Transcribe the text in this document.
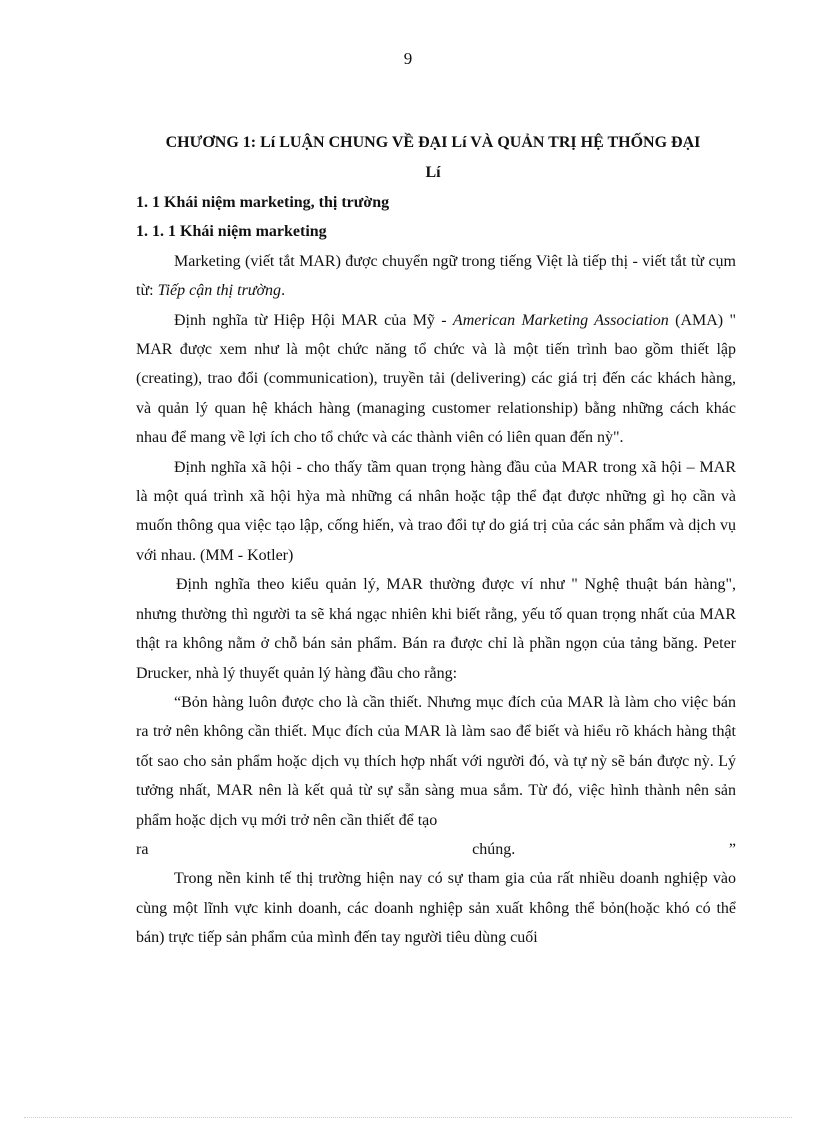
9
CHƯƠNG 1: Lí LUẬN CHUNG VỀ ĐẠI Lí VÀ QUẢN TRỊ HỆ THỐNG ĐẠI
Lí

1. 1 Khái niệm marketing, thị trường

1. 1. 1 Khái niệm marketing

Marketing (viết tắt MAR) được chuyển ngữ trong tiếng Việt là tiếp thị - viết tắt từ cụm từ: Tiếp cận thị trường.

Định nghĩa từ Hiệp Hội MAR của Mỹ - American Marketing Association (AMA) " MAR được xem như là một chức năng tổ chức và là một tiến trình bao gồm thiết lập (creating), trao đổi (communication), truyền tải (delivering) các giá trị đến các khách hàng, và quản lý quan hệ khách hàng (managing customer relationship) bằng những cách khác nhau để mang về lợi ích cho tổ chức và các thành viên có liên quan đến nỳ".

Định nghĩa xã hội - cho thấy tầm quan trọng hàng đầu của MAR trong xã hội – MAR là một quá trình xã hội hỳa mà những cá nhân hoặc tập thể đạt được những gì họ cần và muốn thông qua việc tạo lập, cống hiến, và trao đổi tự do giá trị của các sản phẩm và dịch vụ với nhau. (MM - Kotler)

Định nghĩa theo kiểu quản lý, MAR thường được ví như " Nghệ thuật bán hàng", nhưng thường thì người ta sẽ khá ngạc nhiên khi biết rằng, yếu tố quan trọng nhất của MAR thật ra không nằm ở chỗ bán sản phẩm. Bán ra được chỉ là phần ngọn của tảng băng. Peter Drucker, nhà lý thuyết quản lý hàng đầu cho rằng:

“Bỏn hàng luôn được cho là cần thiết. Nhưng mục đích của MAR là làm cho việc bán ra trở nên không cần thiết. Mục đích của MAR là làm sao để biết và hiểu rõ khách hàng thật tốt sao cho sản phẩm hoặc dịch vụ thích hợp nhất với người đó, và tự nỳ sẽ bán được nỳ. Lý tưởng nhất, MAR nên là kết quả từ sự sẵn sàng mua sắm. Từ đó, việc hình thành nên sản phẩm hoặc dịch vụ mới trở nên cần thiết để tạo

ra	chúng.	”

Trong nền kinh tế thị trường hiện nay có sự tham gia của rất nhiều doanh nghiệp vào cùng một lĩnh vực kinh doanh, các doanh nghiệp sản xuất không thể bỏn(hoặc khó có thể bán) trực tiếp sản phẩm của mình đến tay người tiêu dùng cuối
